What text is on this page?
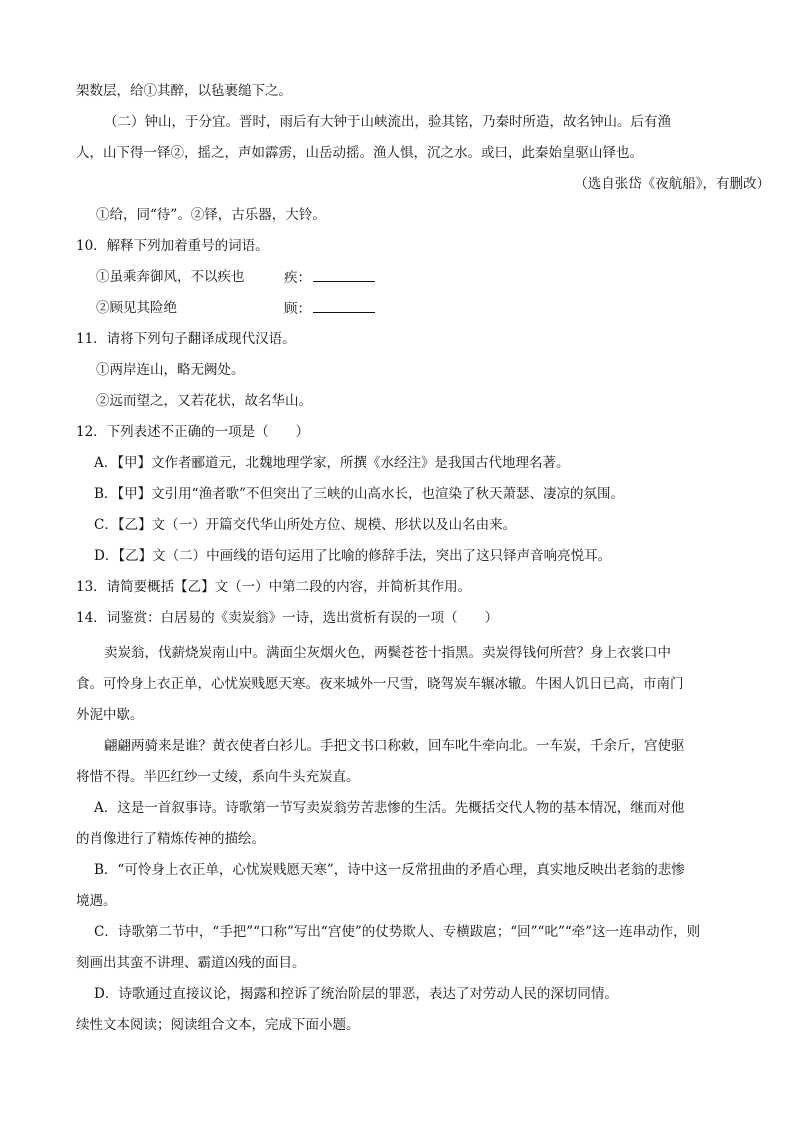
架数层，给①其醉，以毡裹缒下之。
（二）钟山，于分宜。晋时，雨后有大钟于山峡流出，验其铭，乃秦时所造，故名钟山。后有渔
人，山下得一铎②，摇之，声如霹雳，山岳动摇。渔人惧，沉之水。或曰，此秦始皇驱山铎也。
（选自张岱《夜航船》，有删改）
①给，同“待”。②铎，古乐器，大铃。
10．解释下列加着重号的词语。
①虽乘奔御风，不以疾也	疾：
②顾见其险绝	顾：
11．请将下列句子翻译成现代汉语。
①两岸连山，略无阙处。
②远而望之，又若花状，故名华山。
12．下列表述不正确的一项是（　　）
A．【甲】文作者郦道元，北魏地理学家，所撰《水经注》是我国古代地理名著。
B．【甲】文引用“渔者歌”不但突出了三峡的山高水长，也渲染了秋天萧瑟、凄凉的氛围。
C．【乙】文（一）开篇交代华山所处方位、规模、形状以及山名由来。
D．【乙】文（二）中画线的语句运用了比喻的修辞手法，突出了这只铎声音响亮悦耳。
13．请简要概括【乙】文（一）中第二段的内容，并简析其作用。
14．词鉴赏：白居易的《卖炭翁》一诗，选出赏析有误的一项（　　）
卖炭翁，伐薪烧炭南山中。满面尘灰烟火色，两鬓苍苍十指黑。卖炭得钱何所营？身上衣裳口中
食。可怜身上衣正单，心忧炭贱愿天寒。夜来城外一尺雪，晓驾炭车辗冰辙。牛困人饥日已高，市南门
外泥中歇。
翩翩两骑来是谁？黄衣使者白衫儿。手把文书口称敕，回车叱牛牵向北。一车炭，千余斤，宫使驱
将惜不得。半匹红纱一丈绫，系向牛头充炭直。
A．这是一首叙事诗。诗歌第一节写卖炭翁劳苦悲惨的生活。先概括交代人物的基本情况，继而对他
的肖像进行了精炼传神的描绘。
B．“可怜身上衣正单，心忧炭贱愿天寒”，诗中这一反常扭曲的矛盾心理，真实地反映出老翁的悲惨
境遇。
C．诗歌第二节中，“手把”“口称”写出“宫使”的仗势欺人、专横跋扈；“回”“叱”“牵”这一连串动作，则
刻画出其蛮不讲理、霸道凶残的面目。
D．诗歌通过直接议论，揭露和控诉了统治阶层的罪恶，表达了对劳动人民的深切同情。
续性文本阅读；阅读组合文本，完成下面小题。
